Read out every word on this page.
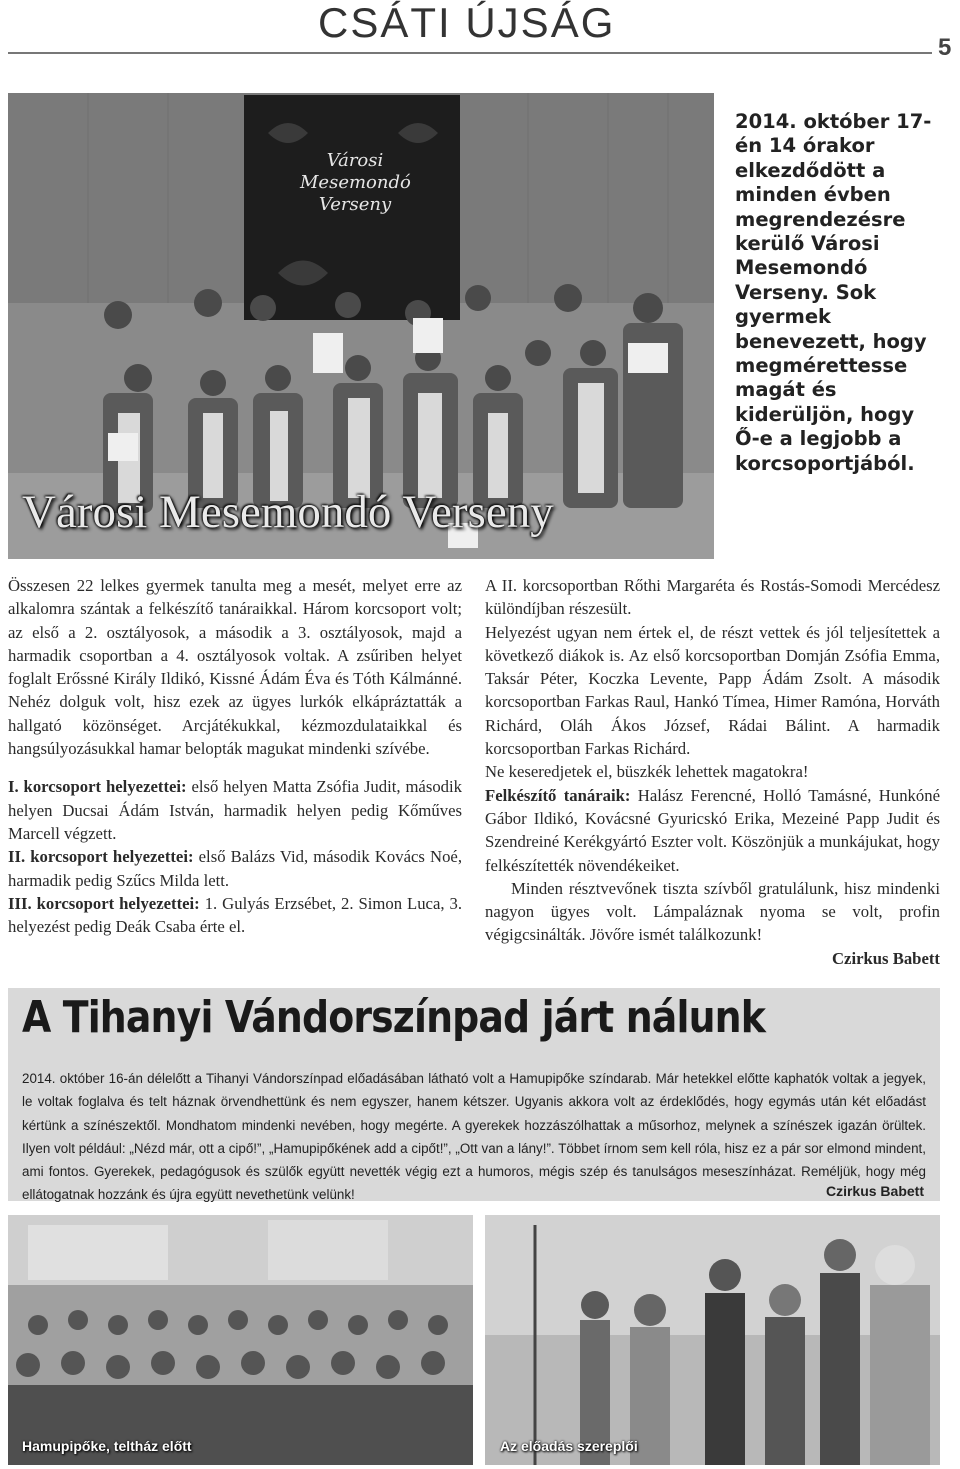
CSÁTI ÚJSÁG
5
Városi Mesemondó Verseny
Városi Mesemondó Verseny
2014. október 17-én 14 órakor elkezdődött a minden évben megrendezésre kerülő Városi Mesemondó Verseny. Sok gyermek benevezett, hogy megmérettesse magát és kiderüljön, hogy Ő-e a legjobb a korcsoportjából.

Összesen 22 lelkes gyermek tanulta meg a mesét, melyet erre az alkalomra szántak a felkészítő tanáraikkal. Három korcsoport volt; az első a 2. osztályosok, a második a 3. osztályosok, majd a harmadik csoportban a 4. osztályosok voltak. A zsűriben helyet foglalt Erőssné Király Ildikó, Kissné Ádám Éva és Tóth Kálmánné. Nehéz dolguk volt, hisz ezek az ügyes lurkók elkápráztatták a hallgató közönséget. Arcjátékukkal, kézmozdulataikkal és hangsúlyozásukkal hamar belopták magukat mindenki szívébe.

I. korcsoport helyezettei: első helyen Matta Zsófia Judit, második helyen Ducsai Ádám István, harmadik helyen pedig Kőműves Marcell végzett.

II. korcsoport helyezettei: első Balázs Vid, második Kovács Noé, harmadik pedig Szűcs Milda lett.

III. korcsoport helyezettei: 1. Gulyás Erzsébet, 2. Simon Luca, 3. helyezést pedig Deák Csaba érte el.

A II. korcsoportban Rőthi Margaréta és Rostás-Somodi Mercédesz különdíjban részesült.

Helyezést ugyan nem értek el, de részt vettek és jól teljesítettek a következő diákok is. Az első korcsoportban Domján Zsófia Emma, Taksár Péter, Koczka Levente, Papp Ádám Zsolt. A második korcsoportban Farkas Raul, Hankó Tímea, Himer Ramóna, Horváth Richárd, Oláh Ákos József, Rádai Bálint. A harmadik korcsoportban Farkas Richárd.

Ne keseredjetek el, büszkék lehettek magatokra!

Felkészítő tanáraik: Halász Ferencné, Holló Tamásné, Hunkóné Gábor Ildikó, Kovácsné Gyuricskó Erika, Mezeiné Papp Judit és Szendreiné Kerékgyártó Eszter volt. Köszönjük a munkájukat, hogy felkészítették növendékeiket.

Minden résztvevőnek tiszta szívből gratulálunk, hisz mindenki nagyon ügyes volt. Lámpaláznak nyoma se volt, profin végigcsinálták. Jövőre ismét találkozunk!

Czirkus Babett

A Tihanyi Vándorszínpad járt nálunk
2014. október 16-án délelőtt a Tihanyi Vándorszínpad előadásában látható volt a Hamupipőke színdarab. Már hetekkel előtte kaphatók voltak a jegyek, le voltak foglalva és telt háznak örvendhettünk és nem egyszer, hanem kétszer. Ugyanis akkora volt az érdeklődés, hogy egymás után két előadást kértünk a színészektől. Mondhatom mindenki nevében, hogy megérte. A gyerekek hozzászólhattak a műsorhoz, melynek a színészek igazán örültek. Ilyen volt például: „Nézd már, ott a cipő!”, „Hamupipőkének add a cipőt!”, „Ott van a lány!”. Többet írnom sem kell róla, hisz ez a pár sor elmond mindent, ami fontos. Gyerekek, pedagógusok és szülők együtt nevették végig ezt a humoros, mégis szép és tanulságos meseszínházat. Reméljük, hogy még ellátogatnak hozzánk és újra együtt nevethetünk velünk!	Czirkus Babett
Hamupipőke, teltház előtt	Az előadás szereplői
